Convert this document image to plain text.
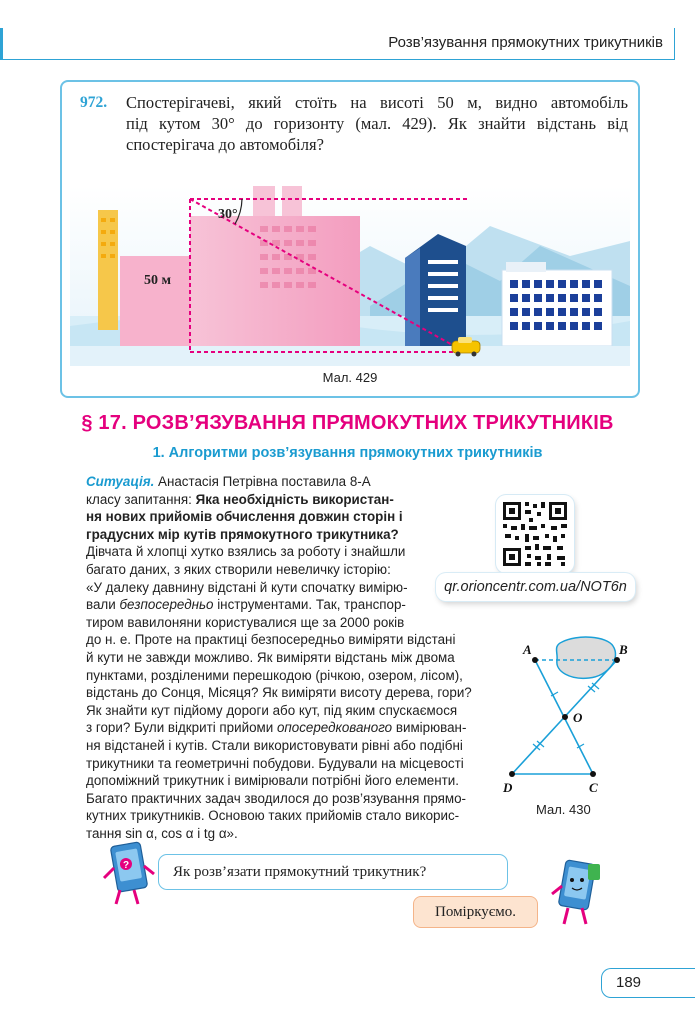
Розв’язування прямокутних трикутників
972. Спостерігачеві, який стоїть на висоті 50 м, видно автомобіль
під кутом 30° до горизонту (мал. 429). Як знайти відстань від
спостерігача до автомобіля?
30°
50 м
Мал. 429
§ 17. РОЗВ’ЯЗУВАННЯ ПРЯМОКУТНИХ ТРИКУТНИКІВ
1. Алгоритми розв’язування прямокутних трикутників
Ситуація. Анастасія Петрівна поставила 8-А
класу запитання: Яка необхідність використан-
ня нових прийомів обчислення довжин сторін і
градусних мір кутів прямокутного трикутника?
Дівчата й хлопці хутко взялись за роботу і знайшли
багато даних, з яких створили невеличку історію:
«У далеку давнину відстані й кути спочатку вимірю-
вали безпосередньо інструментами. Так, транспор-
тиром вавилоняни користувалися ще за 2000 років
до н. е. Проте на практиці безпосередньо виміряти відстані
й кути не завжди можливо. Як виміряти відстань між двома
пунктами, розділеними перешкодою (річкою, озером, лісом),
відстань до Сонця, Місяця? Як виміряти висоту дерева, гори?
Як знайти кут підйому дороги або кут, під яким спускаємося
з гори? Були відкриті прийоми опосередкованого вимірюван-
ня відстаней і кутів. Стали використовувати рівні або подібні
трикутники та геометричні побудови. Будували на місцевості
допоміжний трикутник і вимірювали потрібні його елементи.
Багато практичних задач зводилося до розв’язування прямо-
кутних трикутників. Основою таких прийомів стало викорис-
тання sin α, cos α і tg α».
qr.orioncentr.com.ua/NOT6n
A	B
O
D	C
Мал. 430
?	Як розв’язати прямокутний трикутник?
Поміркуємо.
189
